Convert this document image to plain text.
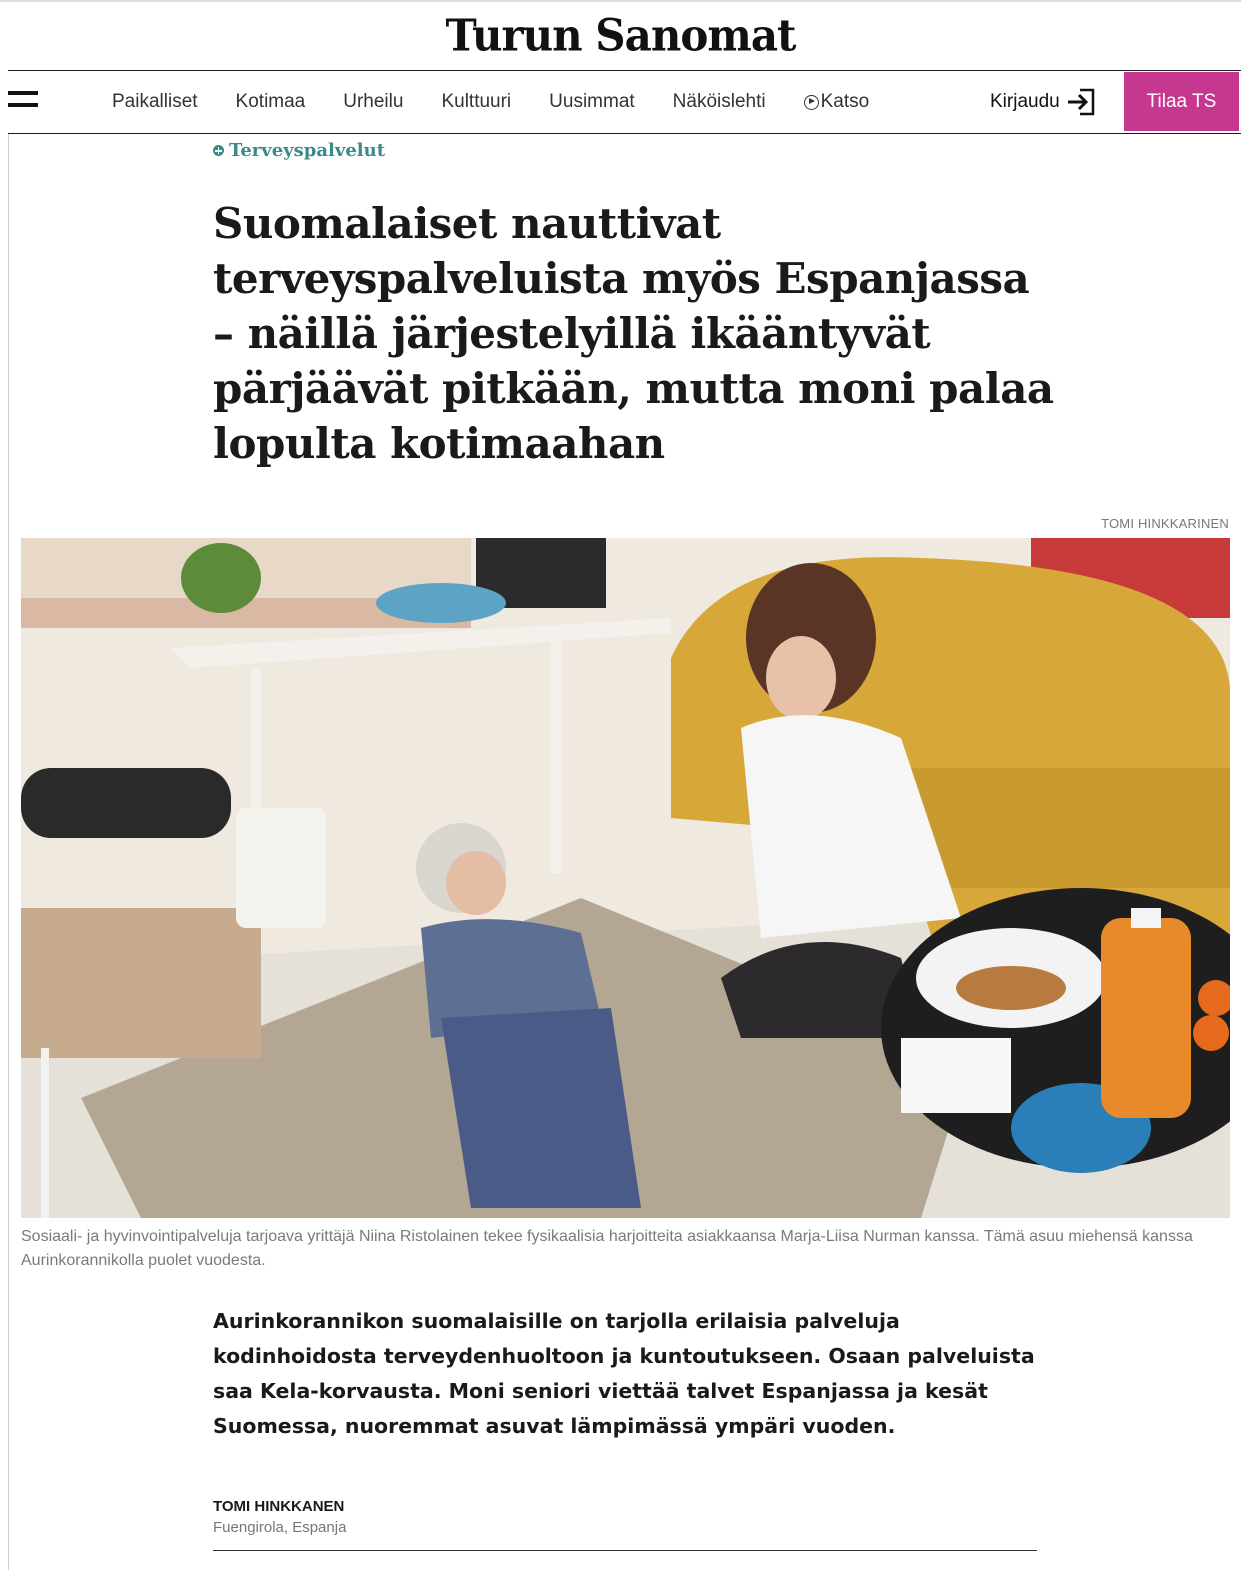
Turun Sanomat
Paikalliset Kotimaa Urheilu Kulttuuri Uusimmat Näköislehti	Katso	Kirjaudu	Tilaa TS
Terveyspalvelut
Suomalaiset nauttivat terveyspalveluista myös Espanjassa – näillä järjestelyillä ikääntyvät pärjäävät pitkään, mutta moni palaa lopulta kotimaahan
TOMI HINKKARINEN

Sosiaali- ja hyvinvointipalveluja tarjoava yrittäjä Niina Ristolainen tekee fysikaalisia harjoitteita asiakkaansa Marja-Liisa Nurman kanssa. Tämä asuu miehensä kanssa Aurinkorannikolla puolet vuodesta.

Aurinkorannikon suomalaisille on tarjolla erilaisia palveluja kodinhoidosta terveydenhuoltoon ja kuntoutukseen. Osaan palveluista saa Kela-korvausta. Moni seniori viettää talvet Espanjassa ja kesät Suomessa, nuoremmat asuvat lämpimässä ympäri vuoden.

TOMI HINKKANEN
Fuengirola, Espanja
